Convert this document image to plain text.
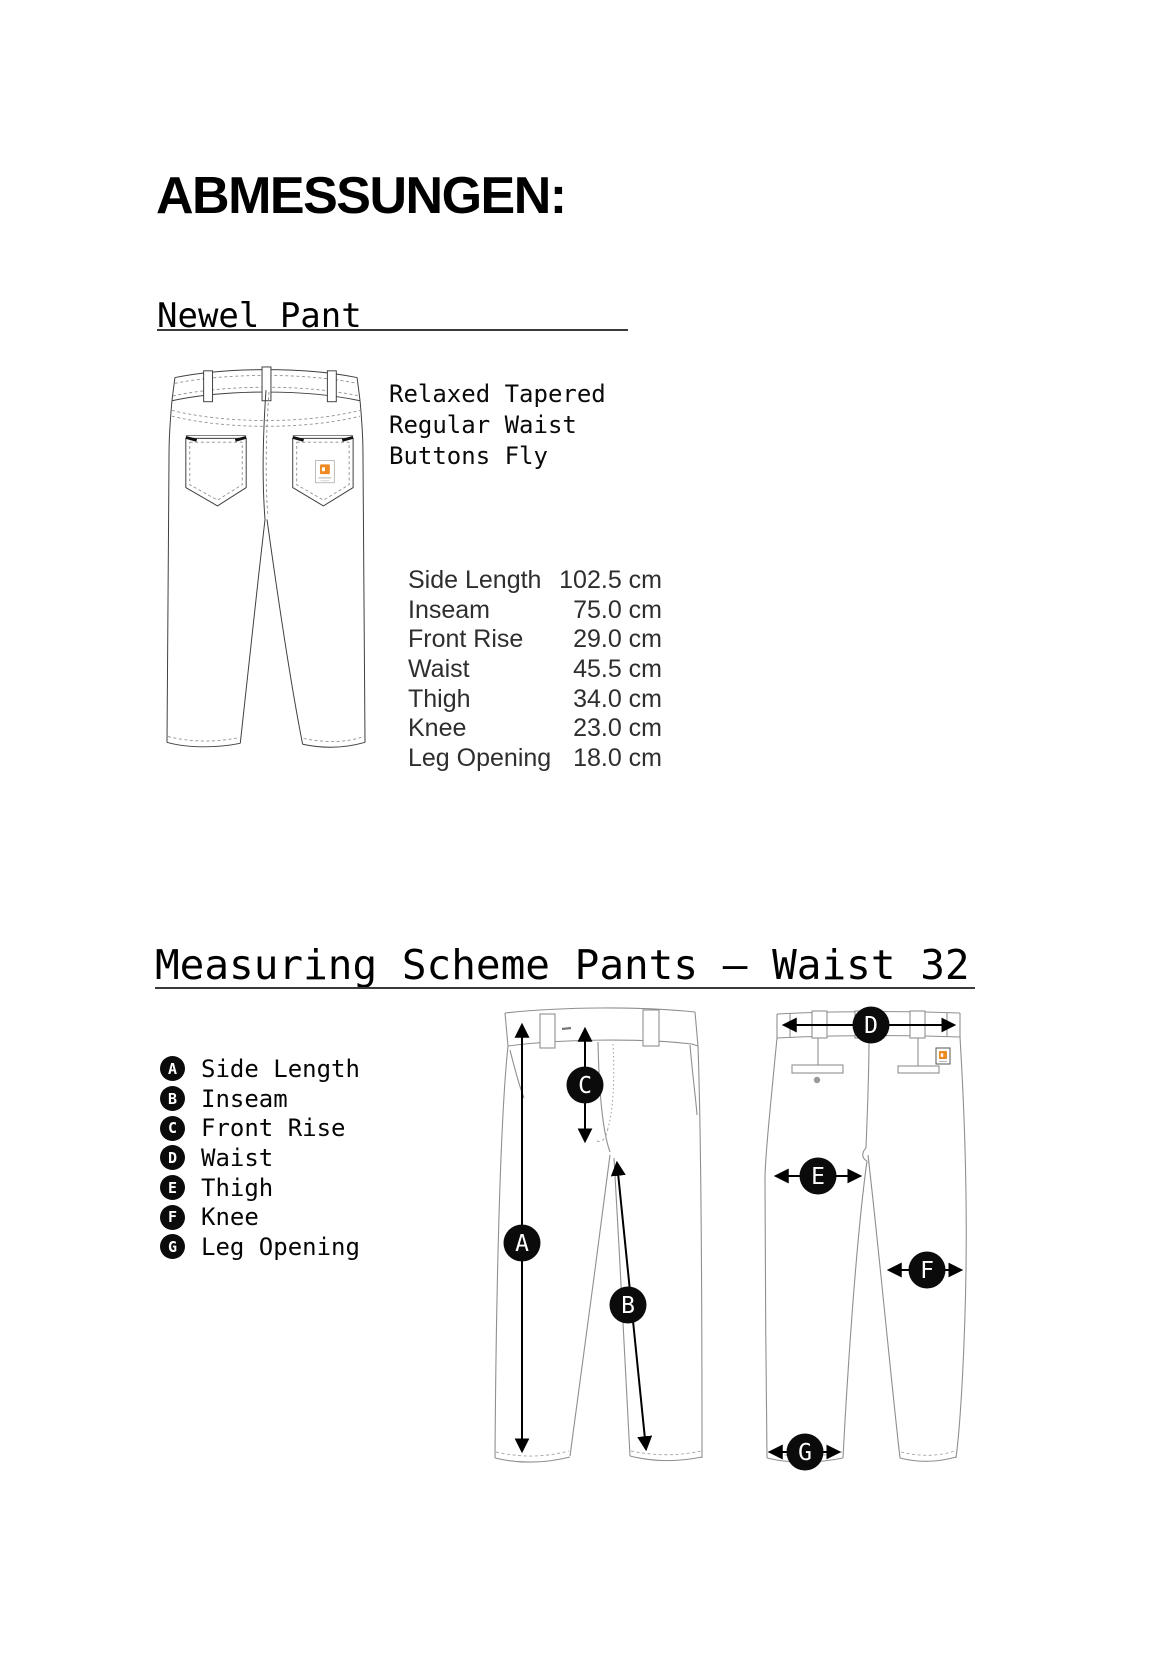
ABMESSUNGEN:
Newel Pant
Relaxed Tapered
Regular Waist
Buttons Fly
Side Length 102.5 cm
Inseam	75.0 cm
Front Rise 29.0 cm
Waist	45.5 cm
Thigh	34.0 cm
Knee	23.0 cm
Leg Opening 18.0 cm
Measuring Scheme Pants – Waist 32
A Side Length
B Inseam
C Front Rise
D Waist
E Thigh
F Knee
G Leg Opening	A
C
B
D
E
F
G
